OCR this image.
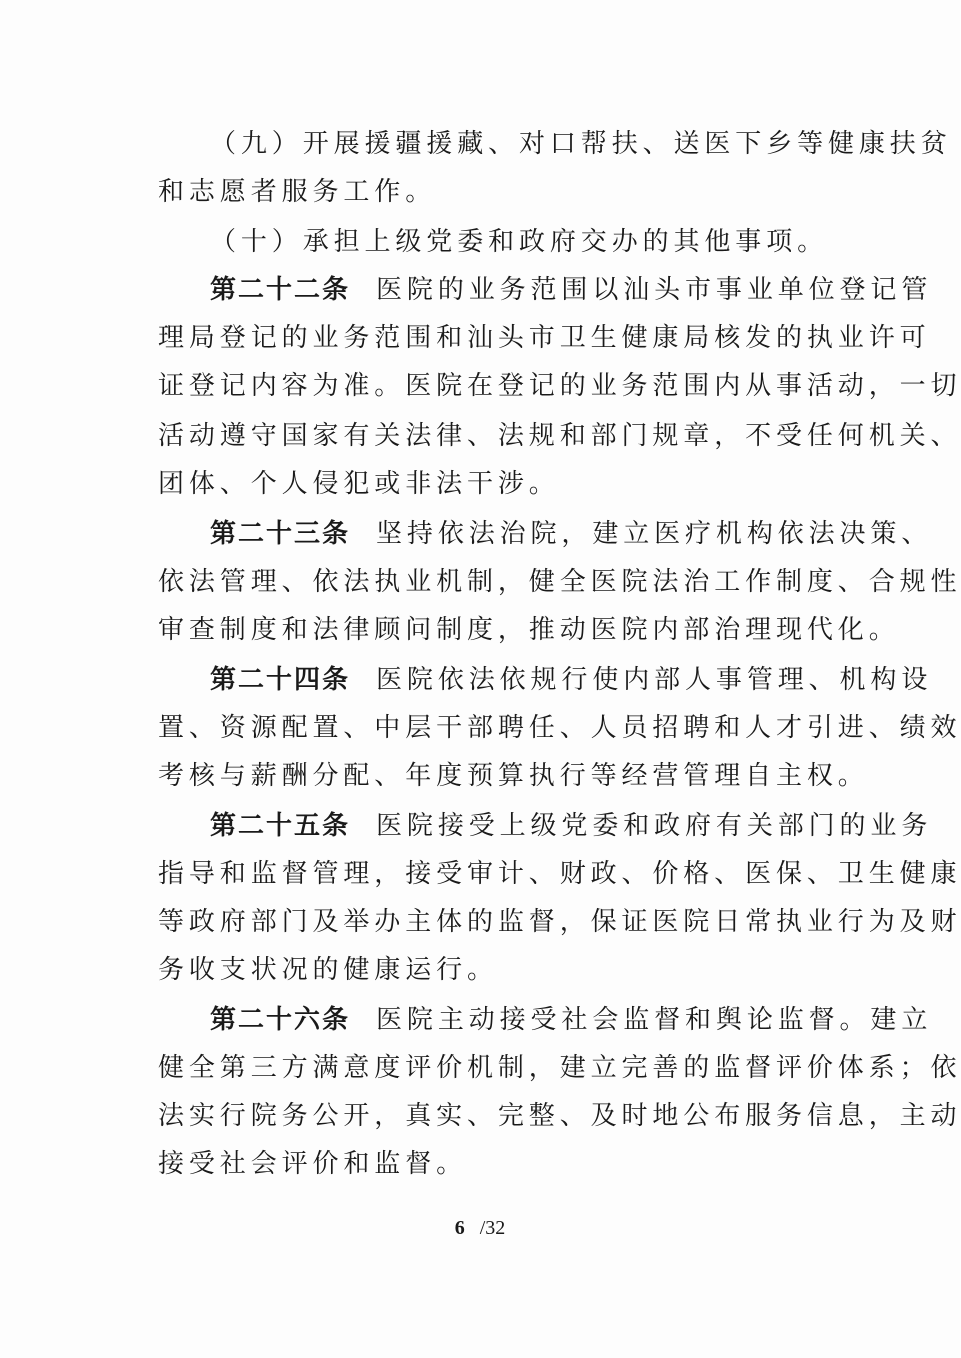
（九）开展援疆援藏、对口帮扶、送医下乡等健康扶贫
和志愿者服务工作。
（十）承担上级党委和政府交办的其他事项。
第二十二条 医院的业务范围以汕头市事业单位登记管
理局登记的业务范围和汕头市卫生健康局核发的执业许可
证登记内容为准。医院在登记的业务范围内从事活动，一切
活动遵守国家有关法律、法规和部门规章，不受任何机关、
团体、个人侵犯或非法干涉。
第二十三条 坚持依法治院，建立医疗机构依法决策、
依法管理、依法执业机制，健全医院法治工作制度、合规性
审查制度和法律顾问制度，推动医院内部治理现代化。
第二十四条 医院依法依规行使内部人事管理、机构设
置、资源配置、中层干部聘任、人员招聘和人才引进、绩效
考核与薪酬分配、年度预算执行等经营管理自主权。
第二十五条 医院接受上级党委和政府有关部门的业务
指导和监督管理，接受审计、财政、价格、医保、卫生健康
等政府部门及举办主体的监督，保证医院日常执业行为及财
务收支状况的健康运行。
第二十六条 医院主动接受社会监督和舆论监督。建立
健全第三方满意度评价机制，建立完善的监督评价体系；依
法实行院务公开，真实、完整、及时地公布服务信息，主动
接受社会评价和监督。
6 /32
